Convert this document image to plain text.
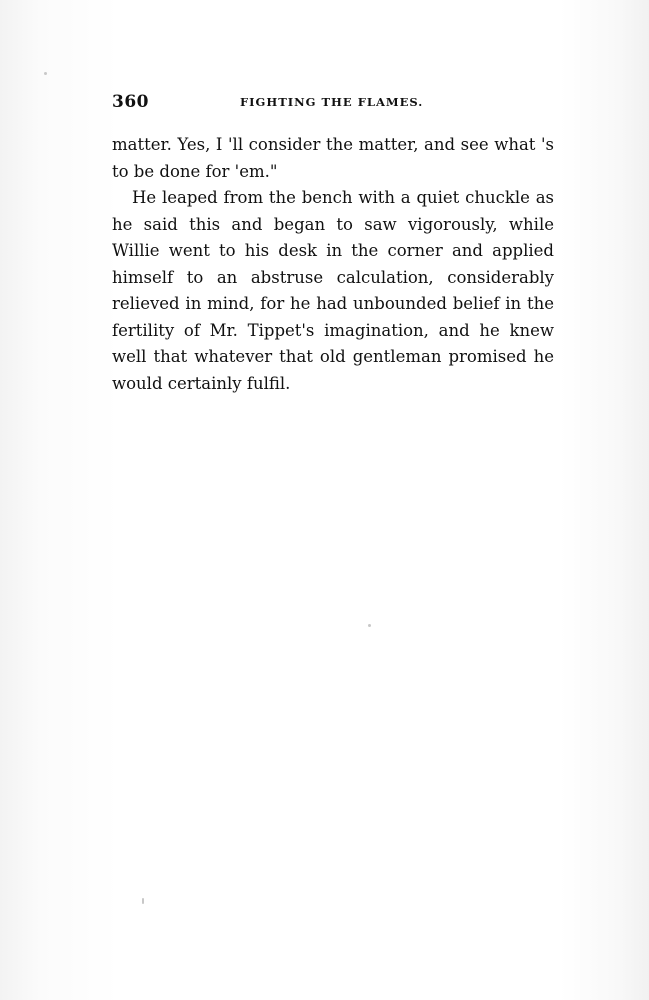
360	FIGHTING THE FLAMES.

matter. Yes, I 'll consider the matter, and see what 's to be done for 'em."

He leaped from the bench with a quiet chuckle as he said this and began to saw vigorously, while Willie went to his desk in the corner and applied himself to an abstruse calculation, considerably relieved in mind, for he had unbounded belief in the fertility of Mr. Tippet's imagination, and he knew well that whatever that old gentleman promised he would certainly fulfil.
